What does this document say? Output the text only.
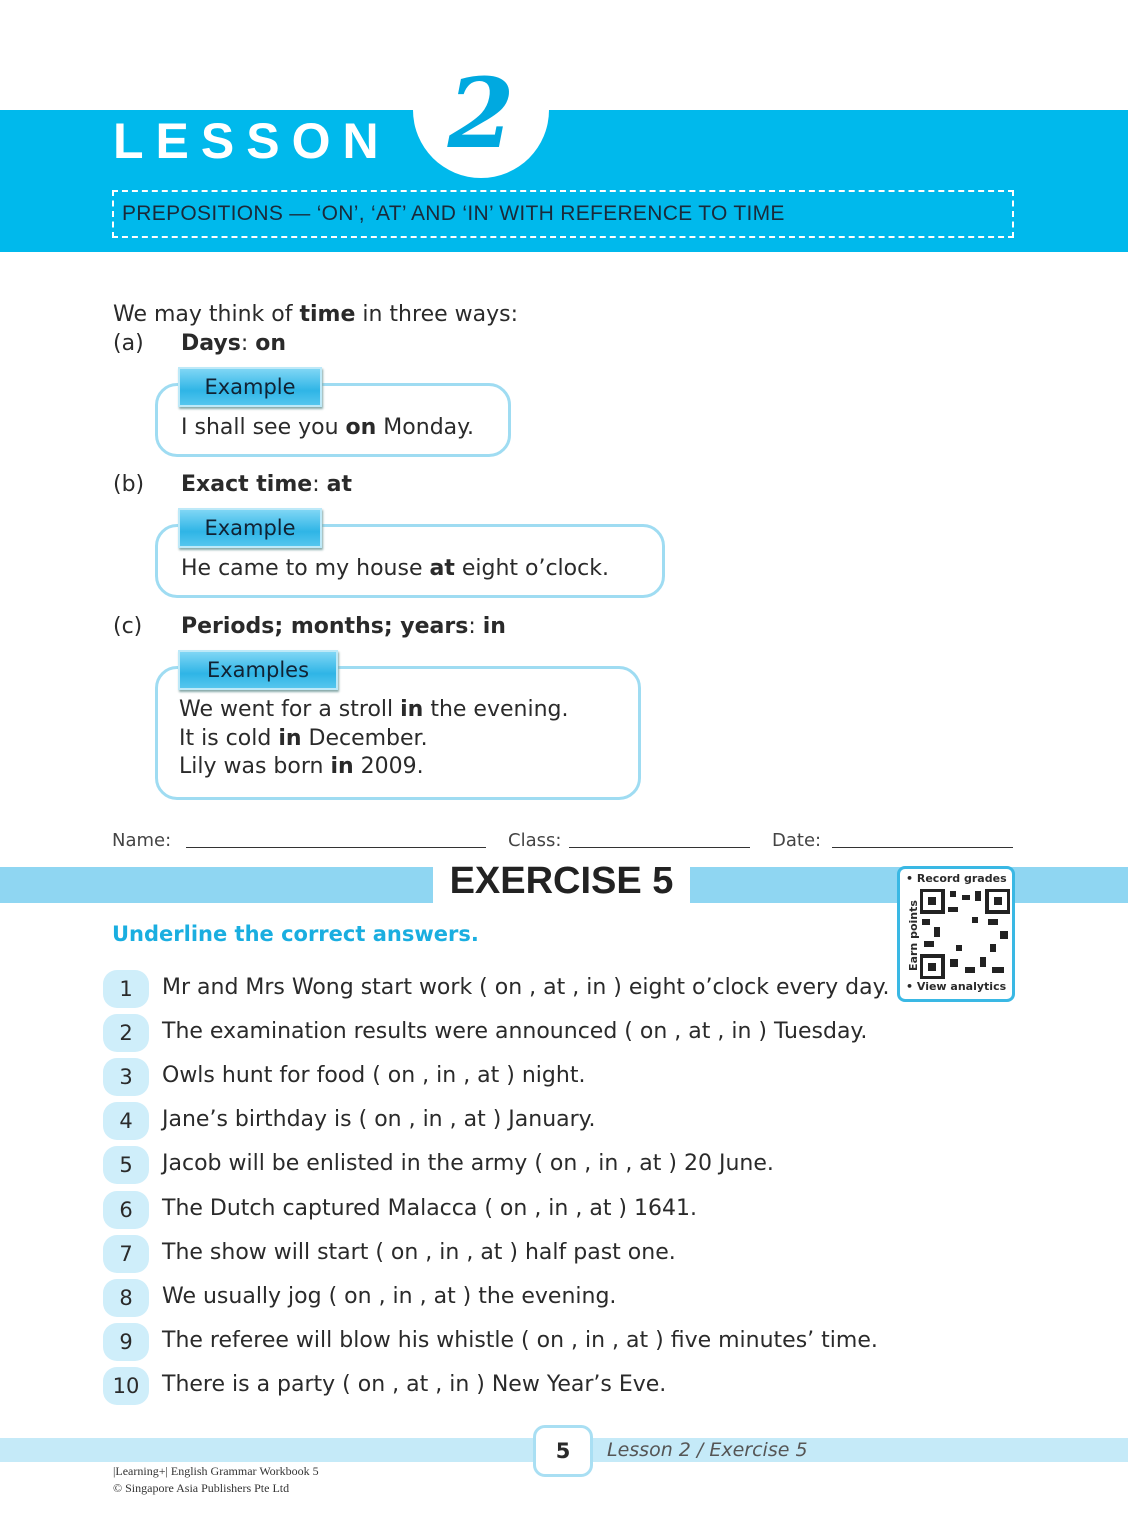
LESSON 2
PREPOSITIONS — ‘ON’, ‘AT’ AND ‘IN’ WITH REFERENCE TO TIME
We may think of time in three ways:
(a) Days: on
Example
I shall see you on Monday.
(b) Exact time: at
Example
He came to my house at eight o’clock.
(c) Periods; months; years: in
Examples
We went for a stroll in the evening.
It is cold in December.
Lily was born in 2009.
Name:	Class:	Date:
EXERCISE 5
Underline the correct answers.
• Record grades
Earn points
• View analytics
1	Mr and Mrs Wong start work ( on , at , in ) eight o’clock every day.
2	The examination results were announced ( on , at , in ) Tuesday.
3	Owls hunt for food ( on , in , at ) night.
4	Jane’s birthday is ( on , in , at ) January.
5	Jacob will be enlisted in the army ( on , in , at ) 20 June.
6	The Dutch captured Malacca ( on , in , at ) 1641.
7	The show will start ( on , in , at ) half past one.
8	We usually jog ( on , in , at ) the evening.
9	The referee will blow his whistle ( on , in , at ) five minutes’ time.
10	There is a party ( on , at , in ) New Year’s Eve.
5	Lesson 2 / Exercise 5
|Learning+| English Grammar Workbook 5
© Singapore Asia Publishers Pte Ltd
